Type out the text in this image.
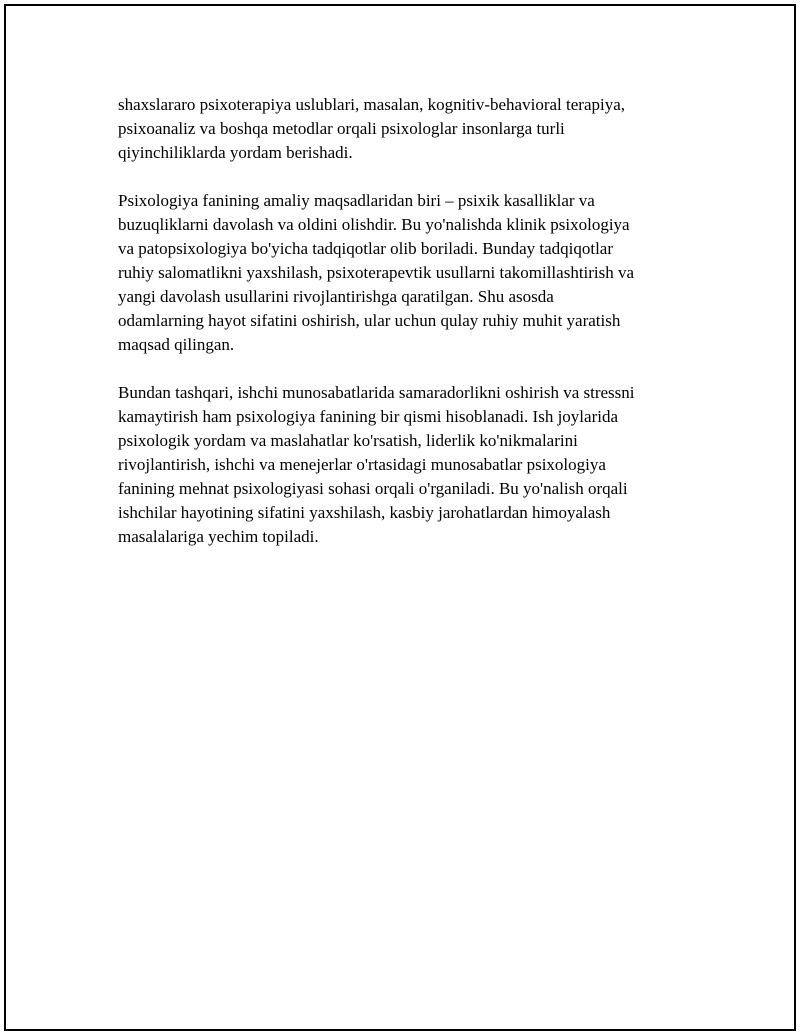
shaxslararo psixoterapiya uslublari, masalan, kognitiv-behavioral terapiya,
psixoanaliz va boshqa metodlar orqali psixologlar insonlarga turli
qiyinchiliklarda yordam berishadi.

Psixologiya fanining amaliy maqsadlaridan biri – psixik kasalliklar va
buzuqliklarni davolash va oldini olishdir. Bu yo'nalishda klinik psixologiya
va patopsixologiya bo'yicha tadqiqotlar olib boriladi. Bunday tadqiqotlar
ruhiy salomatlikni yaxshilash, psixoterapevtik usullarni takomillashtirish va
yangi davolash usullarini rivojlantirishga qaratilgan. Shu asosda
odamlarning hayot sifatini oshirish, ular uchun qulay ruhiy muhit yaratish
maqsad qilingan.

Bundan tashqari, ishchi munosabatlarida samaradorlikni oshirish va stressni
kamaytirish ham psixologiya fanining bir qismi hisoblanadi. Ish joylarida
psixologik yordam va maslahatlar ko'rsatish, liderlik ko'nikmalarini
rivojlantirish, ishchi va menejerlar o'rtasidagi munosabatlar psixologiya
fanining mehnat psixologiyasi sohasi orqali o'rganiladi. Bu yo'nalish orqali
ishchilar hayotining sifatini yaxshilash, kasbiy jarohatlardan himoyalash
masalalariga yechim topiladi.
